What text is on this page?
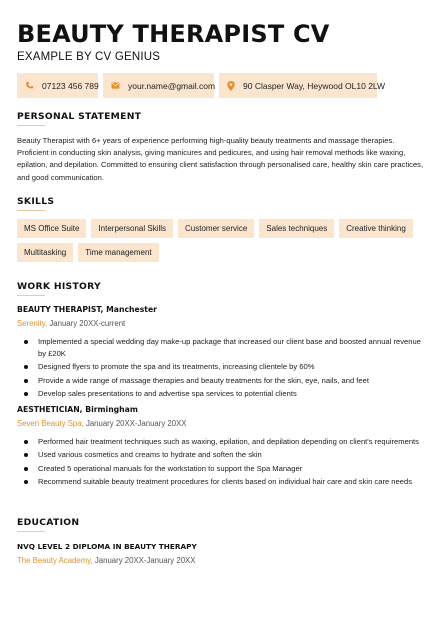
BEAUTY THERAPIST CV
EXAMPLE BY CV GENIUS
07123 456 789	your.name@gmail.com	90 Clasper Way, Heywood OL10 2LW
PERSONAL STATEMENT
Beauty Therapist with 6+ years of experience performing high-quality beauty treatments and massage therapies. Proficient in conducting skin analysis, giving manicures and pedicures, and using hair removal methods like waxing, epilation, and depilation. Committed to ensuring client satisfaction through personalised care, healthy skin care practices, and good communication.
SKILLS
MS Office Suite	Interpersonal Skills	Customer service	Sales techniques	Creative thinking
Multitasking	Time management
WORK HISTORY
BEAUTY THERAPIST, Manchester
Serenity, January 20XX-current
Implemented a special wedding day make-up package that increased our client base and boosted annual revenue by £20K
Designed flyers to promote the spa and its treatments, increasing clientele by 60%
Provide a wide range of massage therapies and beauty treatments for the skin, eye, nails, and feet
Develop sales presentations to and advertise spa services to potential clients
AESTHETICIAN, Birmingham
Seven Beauty Spa, January 20XX-January 20XX
Performed hair treatment techniques such as waxing, epilation, and depilation depending on client's requirements
Used various cosmetics and creams to hydrate and soften the skin
Created 5 operational manuals for the workstation to support the Spa Manager
Recommend suitable beauty treatment procedures for clients based on individual hair care and skin care needs
EDUCATION
NVQ LEVEL 2 DIPLOMA IN BEAUTY THERAPY
The Beauty Academy, January 20XX-January 20XX
